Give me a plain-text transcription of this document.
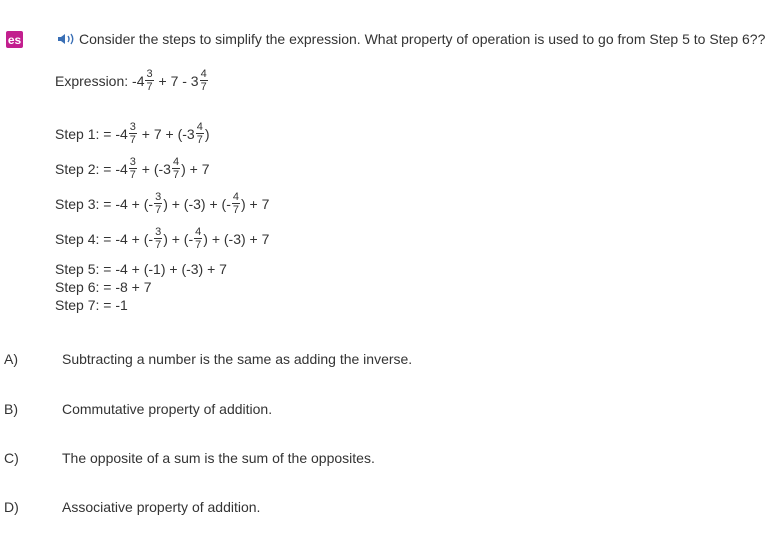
es	Consider the steps to simplify the expression. What property of operation is used to go from Step 5 to Step 6??
Expression: $-4 \frac{3}{7} + 7 - 3 \frac{4}{7}$
Step 1: = $-4 \frac{3}{7} + 7 + (-3 \frac{4}{7}$ )
Step 2: = $-4 \frac{3}{7} + (-3 \frac{4}{7}$ ) + 7
Step 3: = -4 + (- $\frac{3}{7}$ ) + (-3) + (- $\frac{4}{7}$ ) + 7
Step 4: = -4 + (- $\frac{3}{7}$ ) + (- $\frac{4}{7}$ ) + (-3) + 7
Step 5: = -4 + (-1) + (-3) + 7
Step 6: = -8 + 7
Step 7: = -1
A)	Subtracting a number is the same as adding the inverse.
B)	Commutative property of addition.
C)	The opposite of a sum is the sum of the opposites.
D)	Associative property of addition.
